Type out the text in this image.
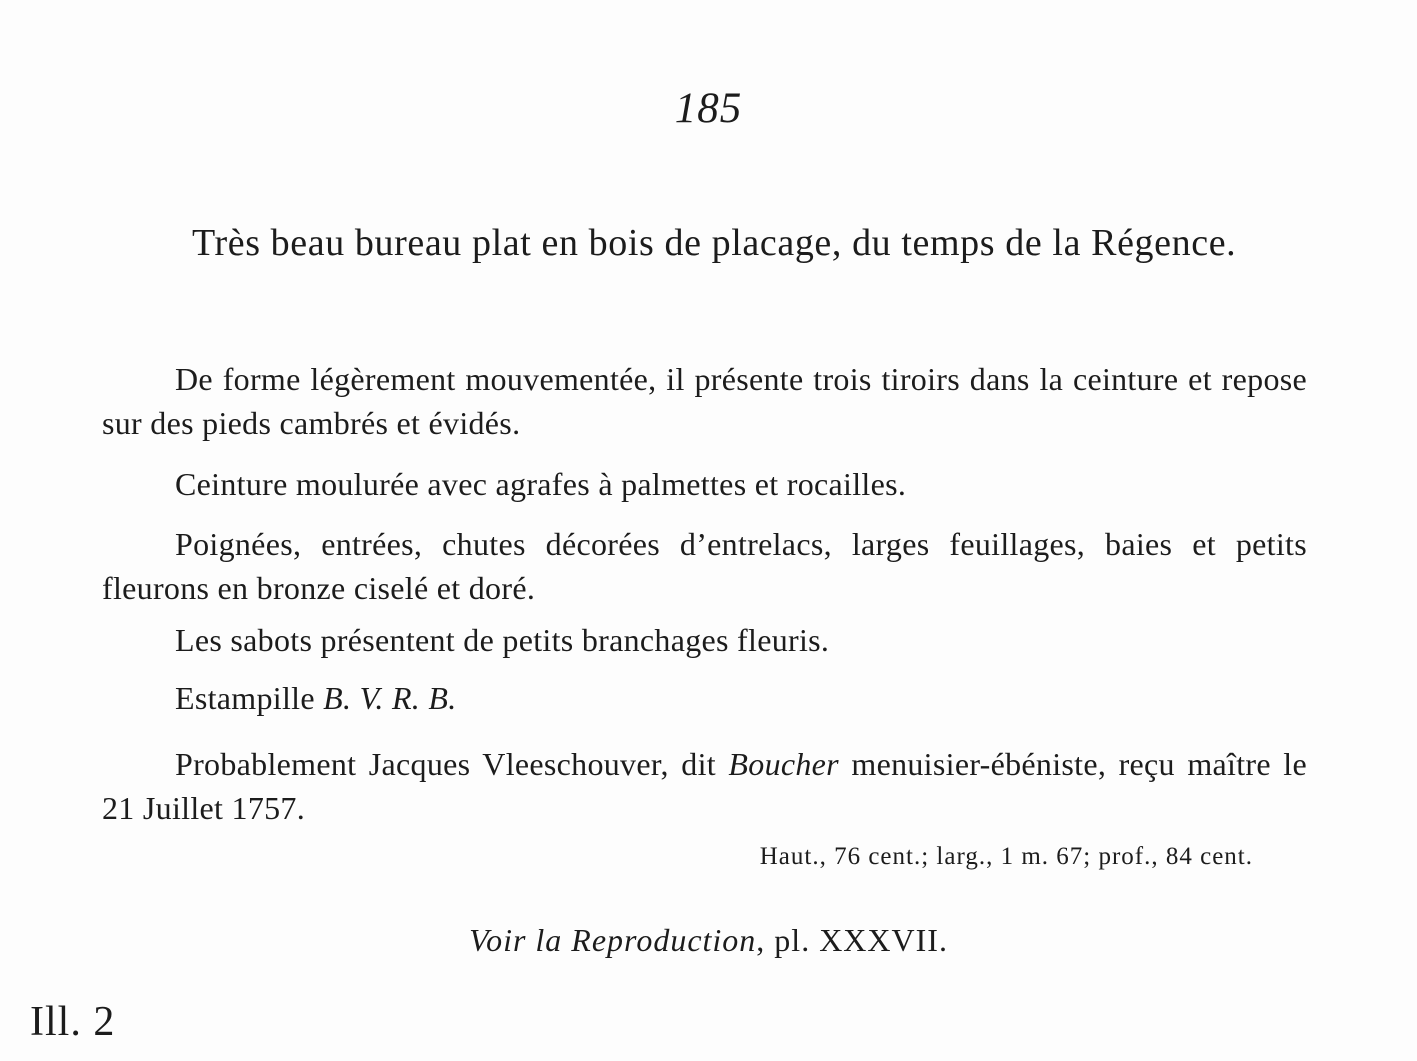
185

Très beau bureau plat en bois de placage, du temps de la Régence.

De forme légèrement mouvementée, il présente trois tiroirs dans la ceinture et repose sur des pieds cambrés et évidés.

Ceinture moulurée avec agrafes à palmettes et rocailles.

Poignées, entrées, chutes décorées d’entrelacs, larges feuillages, baies et petits fleurons en bronze ciselé et doré.

Les sabots présentent de petits branchages fleuris.

Estampille B. V. R. B.

Probablement Jacques Vleeschouver, dit Boucher menuisier-ébéniste, reçu maître le 21 Juillet 1757.

Haut., 76 cent.; larg., 1 m. 67; prof., 84 cent.

Voir la Reproduction, pl. XXXVII.

Ill. 2
